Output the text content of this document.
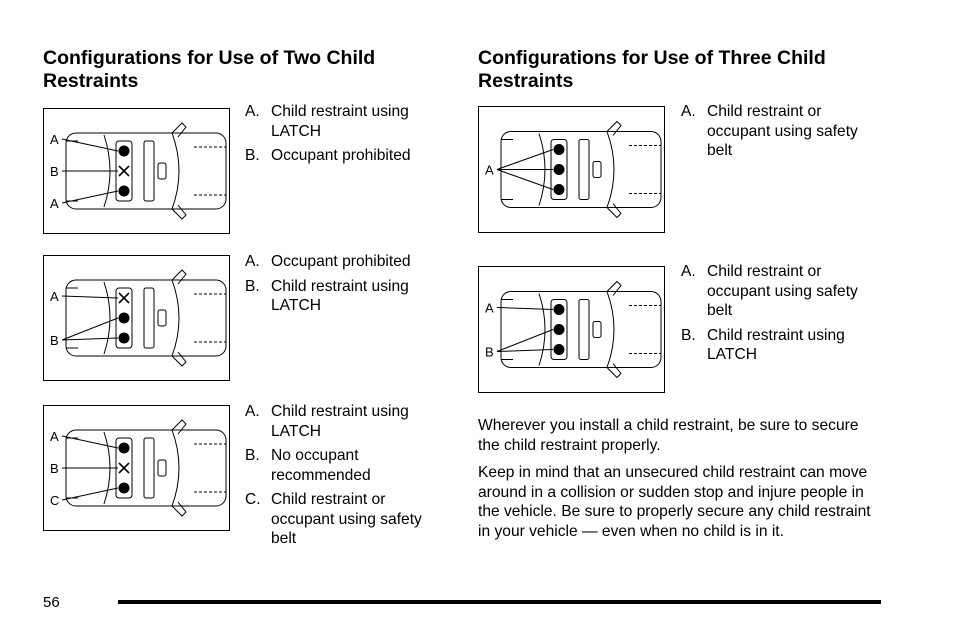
Configurations for Use of Two Child Restraints
Configurations for Use of Three Child Restraints
A
B
A
A. Child restraint using LATCH
B. Occupant prohibited
A
B
A. Occupant prohibited
B. Child restraint using LATCH
A
B
C
A. Child restraint using LATCH
B. No occupant recommended
C. Child restraint or occupant using safety belt
A
A. Child restraint or occupant using safety belt
A
B
A. Child restraint or occupant using safety belt
B. Child restraint using LATCH

Wherever you install a child restraint, be sure to secure the child restraint properly.

Keep in mind that an unsecured child restraint can move around in a collision or sudden stop and injure people in the vehicle. Be sure to properly secure any child restraint in your vehicle — even when no child is in it.

56
